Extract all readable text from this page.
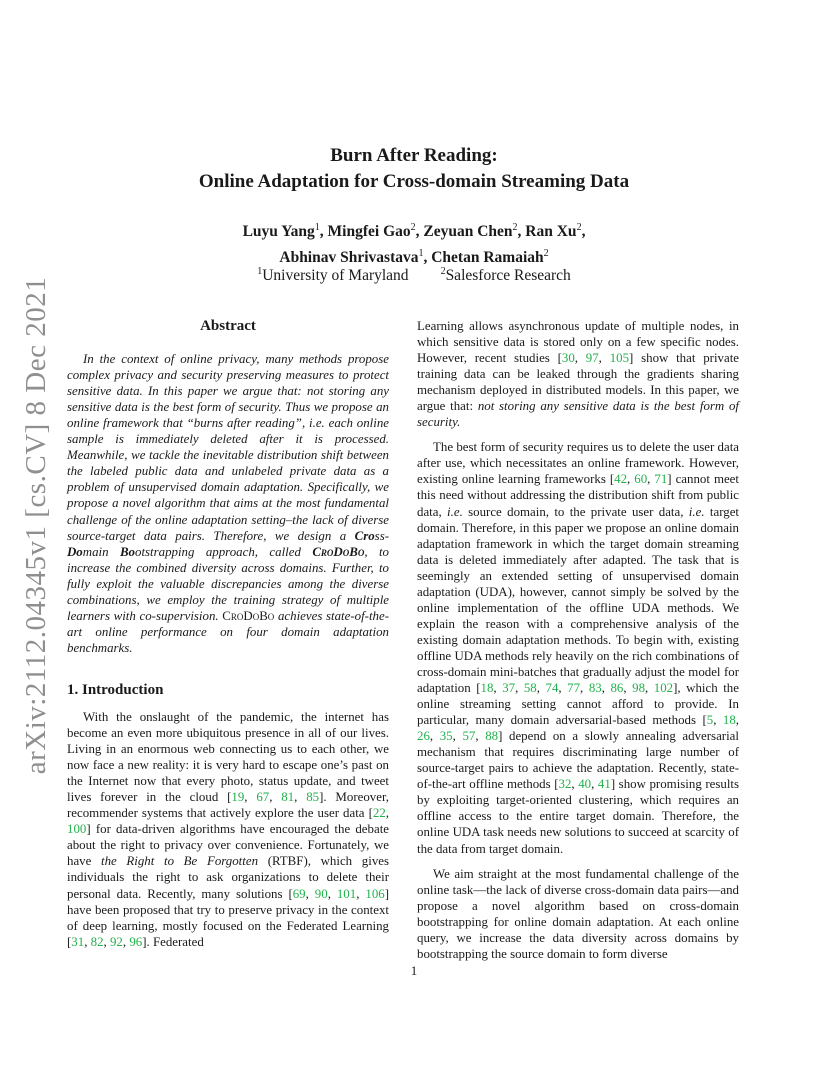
arXiv:2112.04345v1 [cs.CV] 8 Dec 2021
Burn After Reading:
Online Adaptation for Cross-domain Streaming Data
Luyu Yang$^1$, Mingfei Gao$^2$, Zeyuan Chen$^2$, Ran Xu$^2$,
Abhinav Shrivastava$^1$, Chetan Ramaiah$^2$
$^1$University of Maryland	$^2$Salesforce Research
Abstract

In the context of online privacy, many methods propose complex privacy and security preserving measures to protect sensitive data. In this paper we argue that: not storing any sensitive data is the best form of security. Thus we propose an online framework that “burns after reading”, i.e. each online sample is immediately deleted after it is processed. Meanwhile, we tackle the inevitable distribution shift between the labeled public data and unlabeled private data as a problem of unsupervised domain adaptation. Specifically, we propose a novel algorithm that aims at the most fundamental challenge of the online adaptation setting–the lack of diverse source-target data pairs. Therefore, we design a Cross-Domain Bootstrapping approach, called CroDoBo, to increase the combined diversity across domains. Further, to fully exploit the valuable discrepancies among the diverse combinations, we employ the training strategy of multiple learners with co-supervision. CroDoBo achieves state-of-the-art online performance on four domain adaptation benchmarks.

1. Introduction

With the onslaught of the pandemic, the internet has become an even more ubiquitous presence in all of our lives. Living in an enormous web connecting us to each other, we now face a new reality: it is very hard to escape one’s past on the Internet now that every photo, status update, and tweet lives forever in the cloud [19, 67, 81, 85]. Moreover, recommender systems that actively explore the user data [22, 100] for data-driven algorithms have encouraged the debate about the right to privacy over convenience. Fortunately, we have the Right to Be Forgotten (RTBF), which gives individuals the right to ask organizations to delete their personal data. Recently, many solutions [69, 90, 101, 106] have been proposed that try to preserve privacy in the context of deep learning, mostly focused on the Federated Learning [31, 82, 92, 96]. Federated

Learning allows asynchronous update of multiple nodes, in which sensitive data is stored only on a few specific nodes. However, recent studies [30, 97, 105] show that private training data can be leaked through the gradients sharing mechanism deployed in distributed models. In this paper, we argue that: not storing any sensitive data is the best form of security.

The best form of security requires us to delete the user data after use, which necessitates an online framework. However, existing online learning frameworks [42, 60, 71] cannot meet this need without addressing the distribution shift from public data, i.e. source domain, to the private user data, i.e. target domain. Therefore, in this paper we propose an online domain adaptation framework in which the target domain streaming data is deleted immediately after adapted. The task that is seemingly an extended setting of unsupervised domain adaptation (UDA), however, cannot simply be solved by the online implementation of the offline UDA methods. We explain the reason with a comprehensive analysis of the existing domain adaptation methods. To begin with, existing offline UDA methods rely heavily on the rich combinations of cross-domain mini-batches that gradually adjust the model for adaptation [18, 37, 58, 74, 77, 83, 86, 98, 102], which the online streaming setting cannot afford to provide. In particular, many domain adversarial-based methods [5, 18, 26, 35, 57, 88] depend on a slowly annealing adversarial mechanism that requires discriminating large number of source-target pairs to achieve the adaptation. Recently, state-of-the-art offline methods [32, 40, 41] show promising results by exploiting target-oriented clustering, which requires an offline access to the entire target domain. Therefore, the online UDA task needs new solutions to succeed at scarcity of the data from target domain.

We aim straight at the most fundamental challenge of the online task—the lack of diverse cross-domain data pairs—and propose a novel algorithm based on cross-domain bootstrapping for online domain adaptation. At each online query, we increase the data diversity across domains by bootstrapping the source domain to form diverse

1
